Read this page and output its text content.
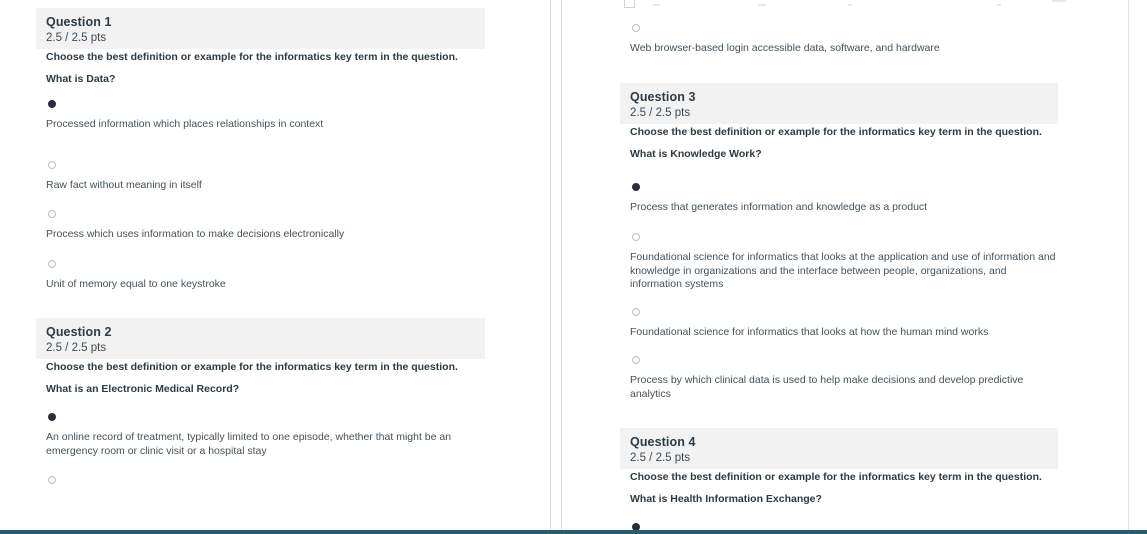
Question 1
2.5 / 2.5 pts
Choose the best definition or example for the informatics key term in the question.
What is Data?
Processed information which places relationships in context
Raw fact without meaning in itself
Process which uses information to make decisions electronically
Unit of memory equal to one keystroke
Question 2
2.5 / 2.5 pts
Choose the best definition or example for the informatics key term in the question.
What is an Electronic Medical Record?
An online record of treatment, typically limited to one episode, whether that might be an emergency room or clinic visit or a hospital stay
Web browser-based login accessible data, software, and hardware
Question 3
2.5 / 2.5 pts
Choose the best definition or example for the informatics key term in the question.
What is Knowledge Work?
Process that generates information and knowledge as a product
Foundational science for informatics that looks at the application and use of information and knowledge in organizations and the interface between people, organizations, and information systems
Foundational science for informatics that looks at how the human mind works
Process by which clinical data is used to help make decisions and develop predictive analytics
Question 4
2.5 / 2.5 pts
Choose the best definition or example for the informatics key term in the question.
What is Health Information Exchange?
